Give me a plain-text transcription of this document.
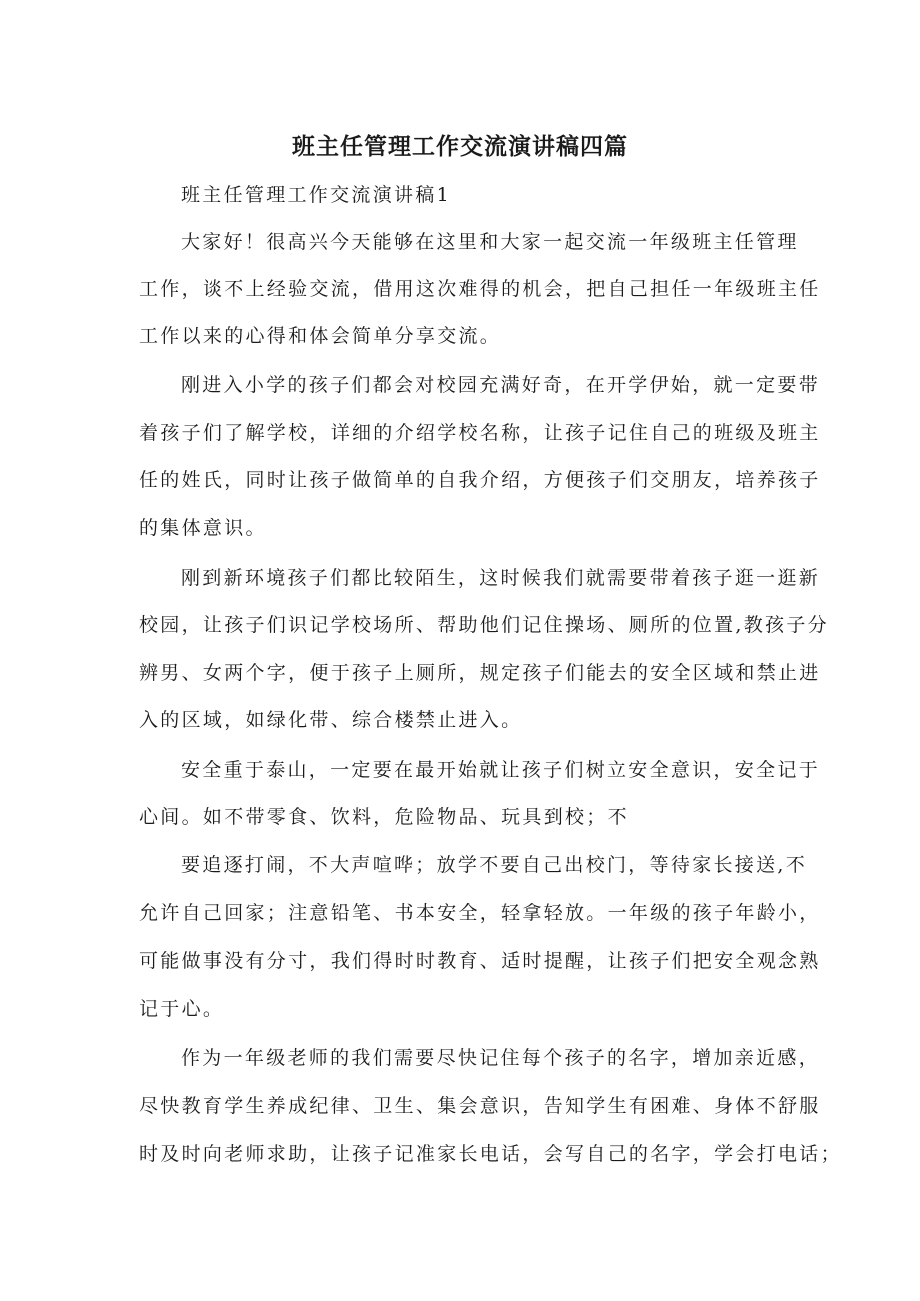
班主任管理工作交流演讲稿四篇
班主任管理工作交流演讲稿1
大家好！很高兴今天能够在这里和大家一起交流一年级班主任管理
工作，谈不上经验交流，借用这次难得的机会，把自己担任一年级班主任
工作以来的心得和体会简单分享交流。
刚进入小学的孩子们都会对校园充满好奇，在开学伊始，就一定要带
着孩子们了解学校，详细的介绍学校名称，让孩子记住自己的班级及班主
任的姓氏，同时让孩子做简单的自我介绍，方便孩子们交朋友，培养孩子
的集体意识。
刚到新环境孩子们都比较陌生，这时候我们就需要带着孩子逛一逛新
校园，让孩子们识记学校场所、帮助他们记住操场、厕所的位置,教孩子分
辨男、女两个字，便于孩子上厕所，规定孩子们能去的安全区域和禁止进
入的区域，如绿化带、综合楼禁止进入。
安全重于泰山，一定要在最开始就让孩子们树立安全意识，安全记于
心间。如不带零食、饮料，危险物品、玩具到校；不
要追逐打闹，不大声喧哗；放学不要自己出校门，等待家长接送,不
允许自己回家；注意铅笔、书本安全，轻拿轻放。一年级的孩子年龄小，
可能做事没有分寸，我们得时时教育、适时提醒，让孩子们把安全观念熟
记于心。
作为一年级老师的我们需要尽快记住每个孩子的名字，增加亲近感，
尽快教育学生养成纪律、卫生、集会意识，告知学生有困难、身体不舒服
时及时向老师求助，让孩子记准家长电话，会写自己的名字，学会打电话；
